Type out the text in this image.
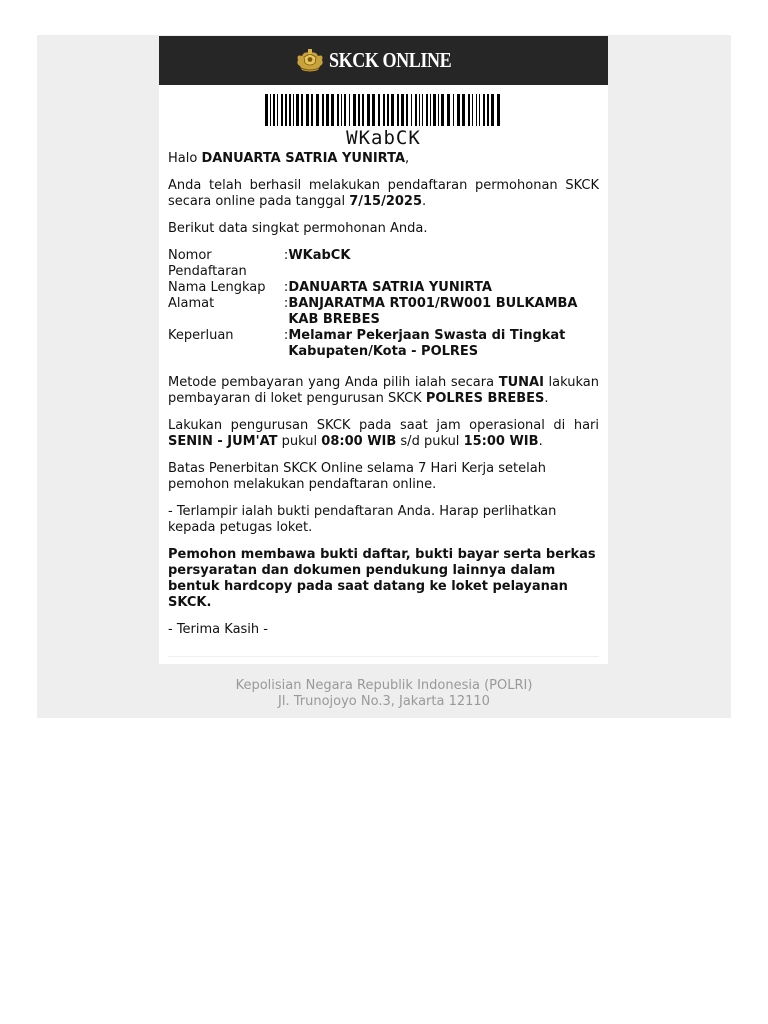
SKCK ONLINE
WKabCK

Halo DANUARTA SATRIA YUNIRTA,

Anda telah berhasil melakukan pendaftaran permohonan SKCK secara online pada tanggal 7/15/2025.

Berikut data singkat permohonan Anda.

Nomor Pendaftaran	:	WKabCK
Nama Lengkap	:	DANUARTA SATRIA YUNIRTA
Alamat	:	BANJARATMA RT001/RW001 BULKAMBA KAB BREBES
Keperluan	:	Melamar Pekerjaan Swasta di Tingkat Kabupaten/Kota - POLRES

Metode pembayaran yang Anda pilih ialah secara TUNAI lakukan pembayaran di loket pengurusan SKCK POLRES BREBES.

Lakukan pengurusan SKCK pada saat jam operasional di hari SENIN - JUM'AT pukul 08:00 WIB s/d pukul 15:00 WIB.

Batas Penerbitan SKCK Online selama 7 Hari Kerja setelah pemohon melakukan pendaftaran online.

- Terlampir ialah bukti pendaftaran Anda. Harap perlihatkan kepada petugas loket.

Pemohon membawa bukti daftar, bukti bayar serta berkas persyaratan dan dokumen pendukung lainnya dalam bentuk hardcopy pada saat datang ke loket pelayanan SKCK.

- Terima Kasih -

Kepolisian Negara Republik Indonesia (POLRI)
Jl. Trunojoyo No.3, Jakarta 12110
